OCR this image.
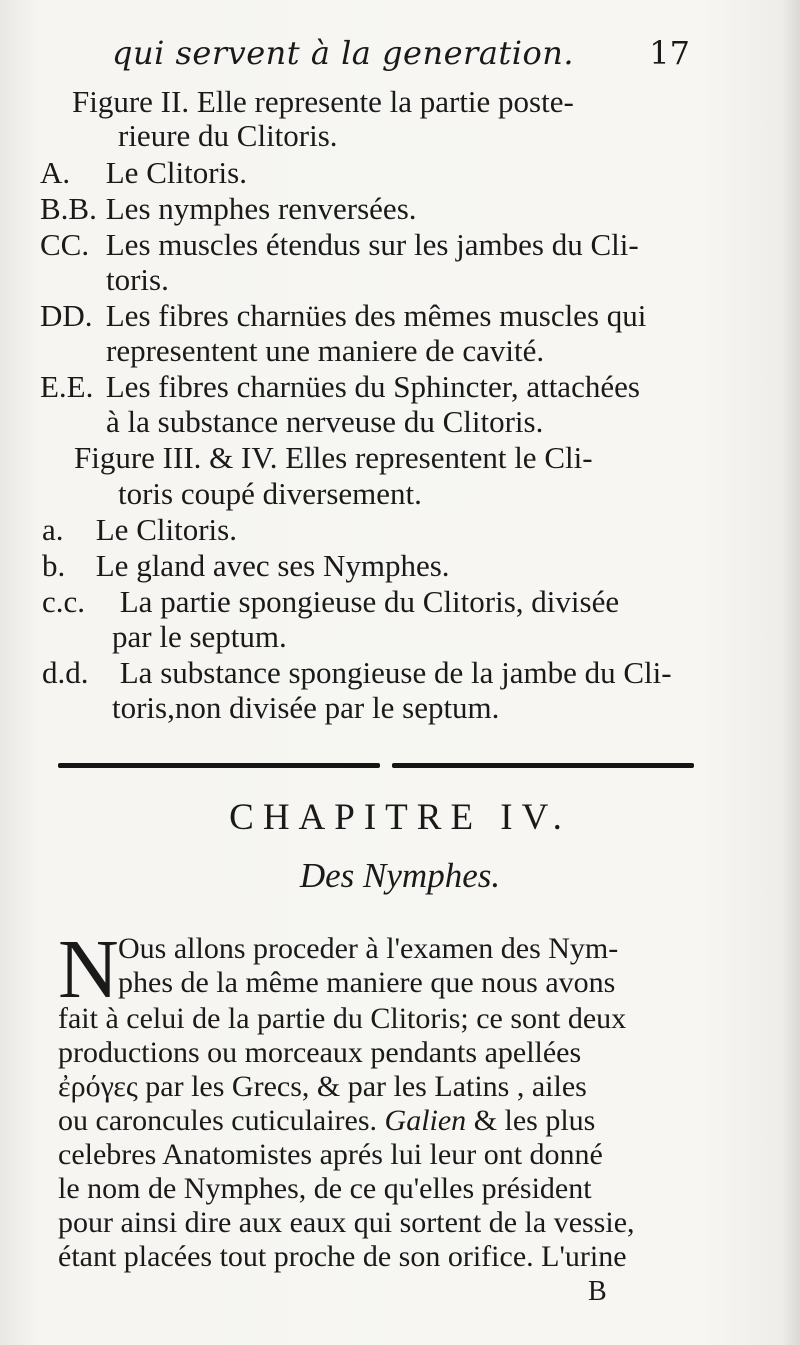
qui servent à la generation. 17
Figure II. Elle represente la partie poste-
rieure du Clitoris.
A. Le Clitoris.
B.B. Les nymphes renversées.
CC. Les muscles étendus sur les jambes du Cli-
toris.
DD. Les fibres charnües des mêmes muscles qui
representent une maniere de cavité.
E.E. Les fibres charnües du Sphincter, attachées
à la substance nerveuse du Clitoris.
Figure III. & IV. Elles representent le Cli-
toris coupé diversement.
a. Le Clitoris.
b. Le gland avec ses Nymphes.
c.c. La partie spongieuse du Clitoris, divisée
par le septum.
d.d. La substance spongieuse de la jambe du Cli-
toris,non divisée par le septum.
CHAPITRE IV.
Des Nymphes.
N Ous allons proceder à l'examen des Nym-
phes de la même maniere que nous avons
fait à celui de la partie du Clitoris; ce sont deux
productions ou morceaux pendants apellées
ἐρόγες par les Grecs, & par les Latins , ailes
ou caroncules cuticulaires. Galien & les plus
celebres Anatomistes aprés lui leur ont donné
le nom de Nymphes, de ce qu'elles président
pour ainsi dire aux eaux qui sortent de la vessie,
étant placées tout proche de son orifice. L'urine
B
